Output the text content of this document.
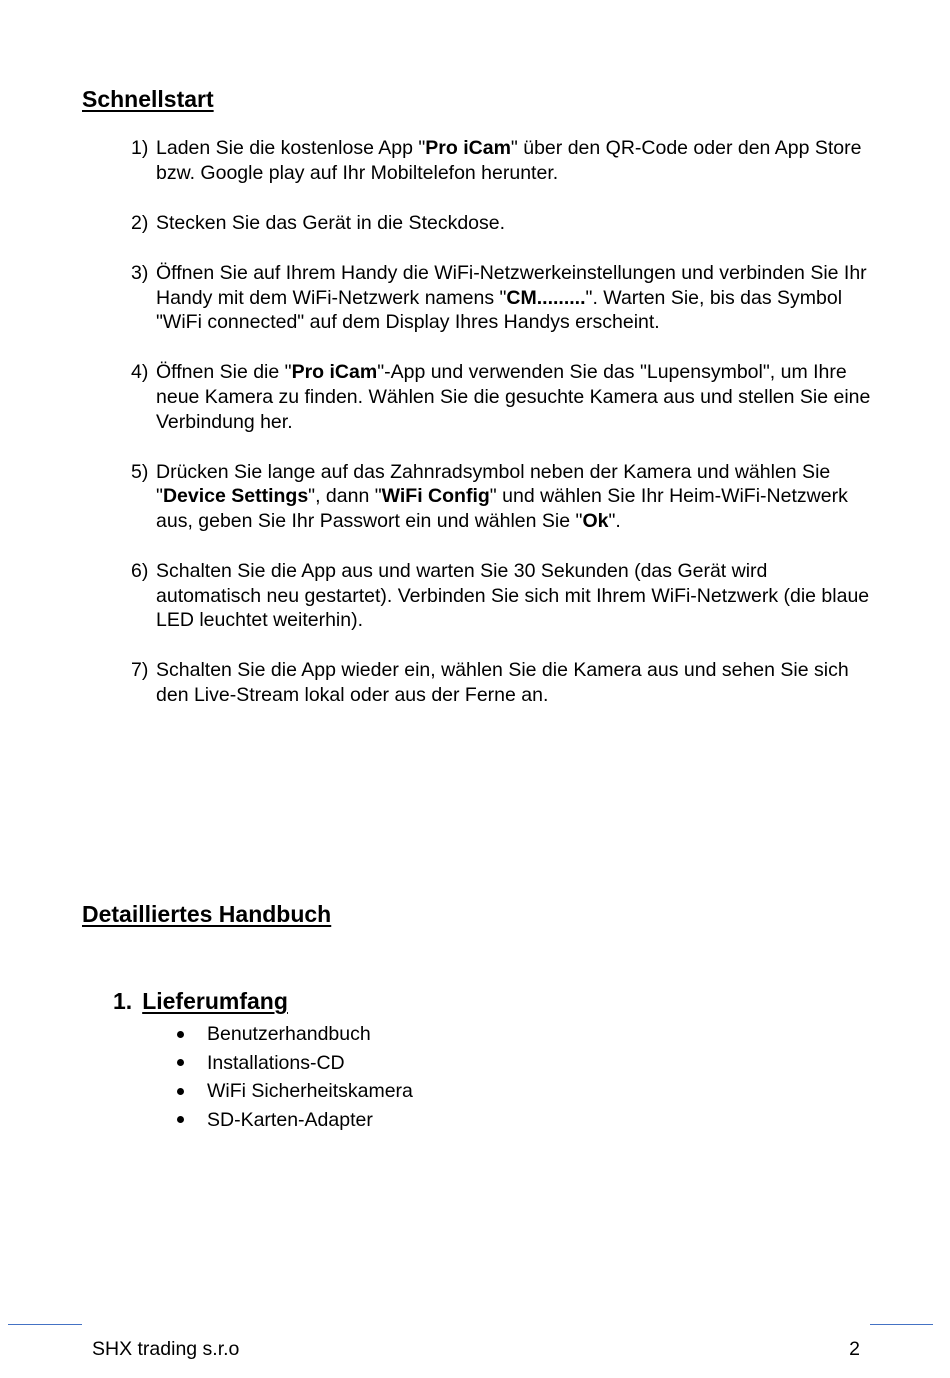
Schnellstart
1) Laden Sie die kostenlose App "Pro iCam" über den QR-Code oder den App Store bzw. Google play auf Ihr Mobiltelefon herunter.
2) Stecken Sie das Gerät in die Steckdose.
3) Öffnen Sie auf Ihrem Handy die WiFi-Netzwerkeinstellungen und verbinden Sie Ihr Handy mit dem WiFi-Netzwerk namens "CM.........". Warten Sie, bis das Symbol "WiFi connected" auf dem Display Ihres Handys erscheint.
4) Öffnen Sie die "Pro iCam"-App und verwenden Sie das "Lupensymbol", um Ihre neue Kamera zu finden. Wählen Sie die gesuchte Kamera aus und stellen Sie eine Verbindung her.
5) Drücken Sie lange auf das Zahnradsymbol neben der Kamera und wählen Sie "Device Settings", dann "WiFi Config" und wählen Sie Ihr Heim-WiFi-Netzwerk aus, geben Sie Ihr Passwort ein und wählen Sie "Ok".
6) Schalten Sie die App aus und warten Sie 30 Sekunden (das Gerät wird automatisch neu gestartet). Verbinden Sie sich mit Ihrem WiFi-Netzwerk (die blaue LED leuchtet weiterhin).
7) Schalten Sie die App wieder ein, wählen Sie die Kamera aus und sehen Sie sich den Live-Stream lokal oder aus der Ferne an.
Detailliertes Handbuch
1. Lieferumfang
Benutzerhandbuch
Installations-CD
WiFi Sicherheitskamera
SD-Karten-Adapter

SHX trading s.r.o	2
